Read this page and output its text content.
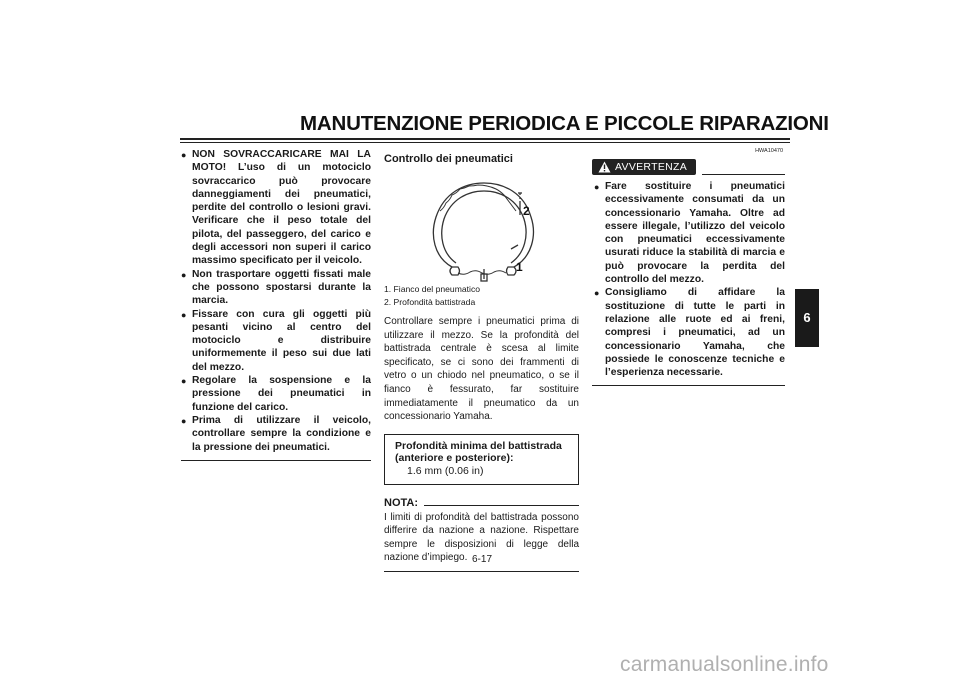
MANUTENZIONE PERIODICA E PICCOLE RIPARAZIONI
● NON SOVRACCARICARE MAI LA MOTO! L’uso di un motociclo sovraccarico può provocare danneggiamenti dei pneumatici, perdite del controllo o lesioni gravi. Verificare che il peso totale del pilota, del passeggero, del carico e degli accessori non superi il carico massimo specificato per il veicolo.
● Non trasportare oggetti fissati male che possono spostarsi durante la marcia.
● Fissare con cura gli oggetti più pesanti vicino al centro del motociclo e distribuire uniformemente il peso sui due lati del mezzo.
● Regolare la sospensione e la pressione dei pneumatici in funzione del carico.
● Prima di utilizzare il veicolo, controllare sempre la condizione e la pressione dei pneumatici.
Controllo dei pneumatici
2
1
1. Fianco del pneumatico
2. Profondità battistrada
Controllare sempre i pneumatici prima di utilizzare il mezzo. Se la profondità del battistrada centrale è scesa al limite specificato, se ci sono dei frammenti di vetro o un chiodo nel pneumatico, o se il fianco è fessurato, far sostituire immediatamente il pneumatico da un concessionario Yamaha.
Profondità minima del battistrada (anteriore e posteriore):
1.6 mm (0.06 in)
NOTA:
I limiti di profondità del battistrada possono differire da nazione a nazione. Rispettare sempre le disposizioni di legge della nazione d’impiego.
AVVERTENZA
HWA10470
● Fare sostituire i pneumatici eccessivamente consumati da un concessionario Yamaha. Oltre ad essere illegale, l’utilizzo del veicolo con pneumatici eccessivamente usurati riduce la stabilità di marcia e può provocare la perdita del controllo del mezzo.
● Consigliamo di affidare la sostituzione di tutte le parti in relazione alle ruote ed ai freni, compresi i pneumatici, ad un concessionario Yamaha, che possiede le conoscenze tecniche e l’esperienza necessarie.
6
6-17
carmanualsonline.info
